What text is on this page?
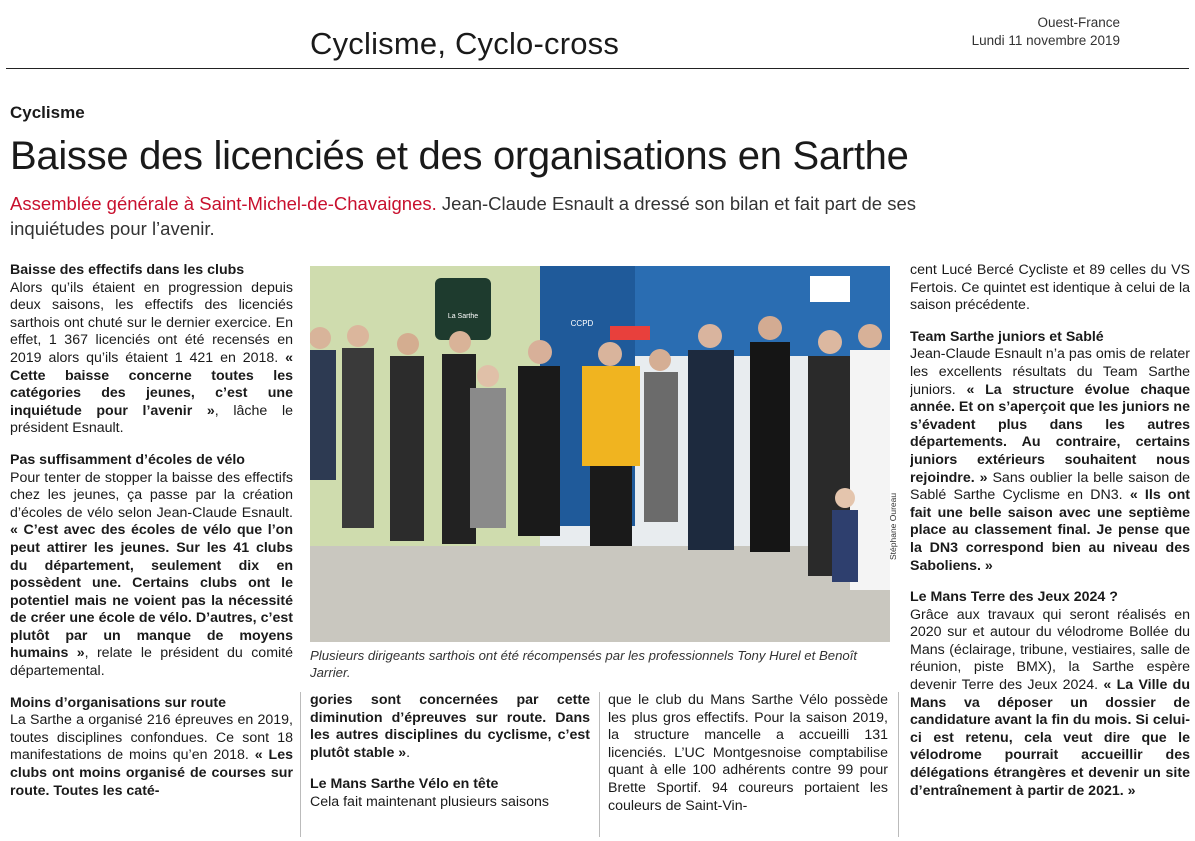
Cyclisme, Cyclo-cross
Ouest-France
Lundi 11 novembre 2019
Cyclisme
Baisse des licenciés et des organisations en Sarthe
Assemblée générale à Saint-Michel-de-Chavaignes. Jean-Claude Esnault a dressé son bilan et fait part de ses inquiétudes pour l’avenir.

Baisse des effectifs dans les clubs

Alors qu’ils étaient en progression depuis deux saisons, les effectifs des licenciés sarthois ont chuté sur le dernier exercice. En effet, 1 367 licenciés ont été recensés en 2019 alors qu’ils étaient 1 421 en 2018. « Cette baisse concerne toutes les catégories des jeunes, c’est une inquiétude pour l’avenir », lâche le président Esnault.

Pas suffisamment d’écoles de vélo

Pour tenter de stopper la baisse des effectifs chez les jeunes, ça passe par la création d’écoles de vélo selon Jean-Claude Esnault. « C’est avec des écoles de vélo que l’on peut attirer les jeunes. Sur les 41 clubs du département, seulement dix en possèdent une. Certains clubs ont le potentiel mais ne voient pas la nécessité de créer une école de vélo. D’autres, c’est plutôt par un manque de moyens humains », relate le président du comité départemental.

Moins d’organisations sur route

La Sarthe a organisé 216 épreuves en 2019, toutes disciplines confondues. Ce sont 18 manifestations de moins qu’en 2018. « Les clubs ont moins organisé de courses sur route. Toutes les caté-

La Sarthe
CCPD
Stéphane Oureau
Plusieurs dirigeants sarthois ont été récompensés par les professionnels Tony Hurel et Benoît Jarrier.

gories sont concernées par cette diminution d’épreuves sur route. Dans les autres disciplines du cyclisme, c’est plutôt stable ».

Le Mans Sarthe Vélo en tête

Cela fait maintenant plusieurs saisons

que le club du Mans Sarthe Vélo possède les plus gros effectifs. Pour la saison 2019, la structure mancelle a accueilli 131 licenciés. L’UC Montgesnoise comptabilise quant à elle 100 adhérents contre 99 pour Brette Sportif. 94 coureurs portaient les couleurs de Saint-Vin-

cent Lucé Bercé Cycliste et 89 celles du VS Fertois. Ce quintet est identique à celui de la saison précédente.

Team Sarthe juniors et Sablé

Jean-Claude Esnault n’a pas omis de relater les excellents résultats du Team Sarthe juniors. « La structure évolue chaque année. Et on s’aperçoit que les juniors ne s’évadent plus dans les autres départements. Au contraire, certains juniors extérieurs souhaitent nous rejoindre. » Sans oublier la belle saison de Sablé Sarthe Cyclisme en DN3. « Ils ont fait une belle saison avec une septième place au classement final. Je pense que la DN3 correspond bien au niveau des Saboliens. »

Le Mans Terre des Jeux 2024 ?

Grâce aux travaux qui seront réalisés en 2020 sur et autour du vélodrome Bollée du Mans (éclairage, tribune, vestiaires, salle de réunion, piste BMX), la Sarthe espère devenir Terre des Jeux 2024. « La Ville du Mans va déposer un dossier de candidature avant la fin du mois. Si celui-ci est retenu, cela veut dire que le vélodrome pourrait accueillir des délégations étrangères et devenir un site d’entraînement à partir de 2021. »
